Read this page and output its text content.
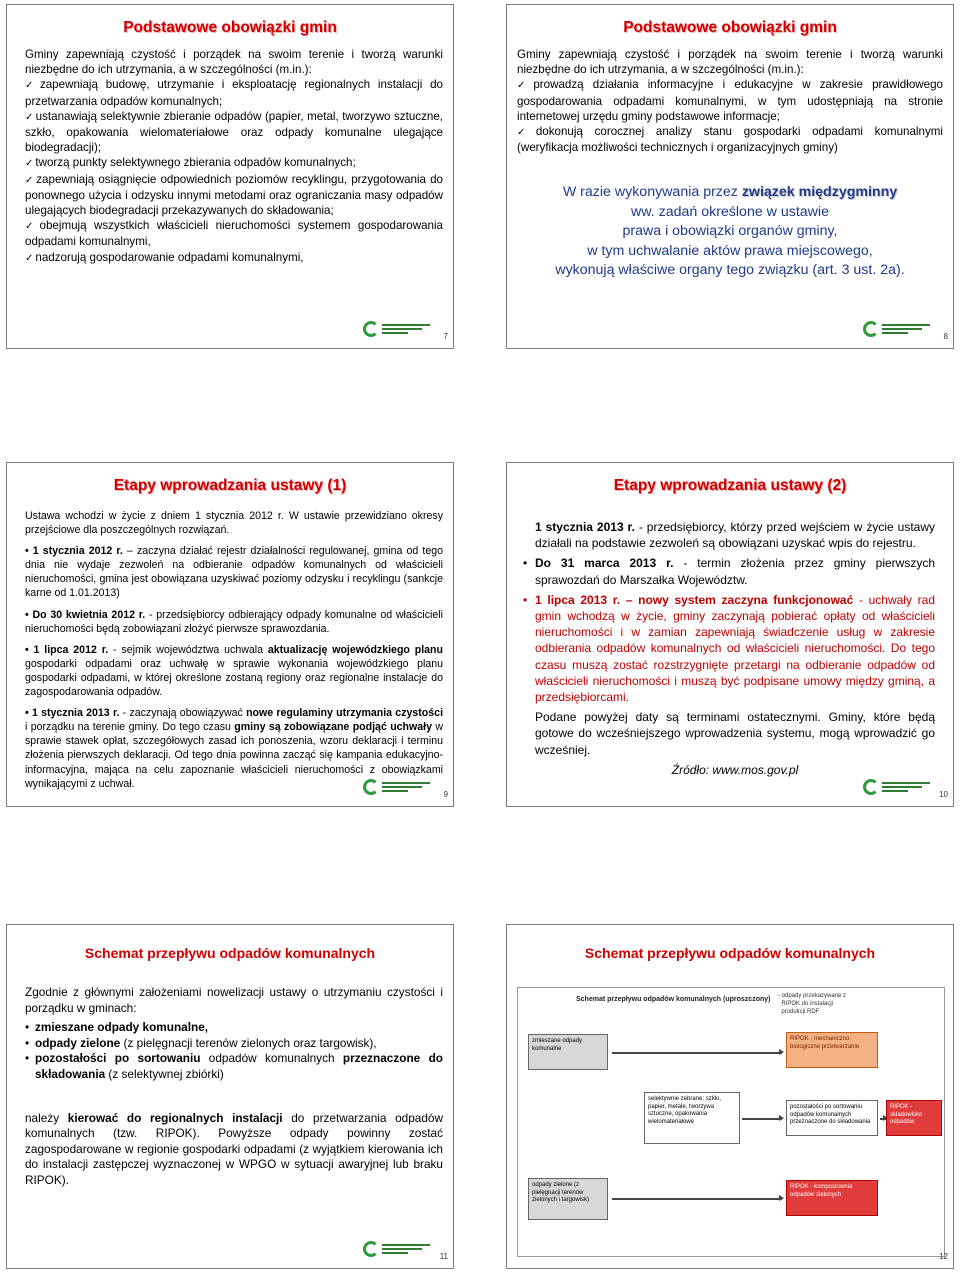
Podstawowe obowiązki gmin
Gminy zapewniają czystość i porządek na swoim terenie i tworzą warunki niezbędne do ich utrzymania, a w szczególności (m.in.):
✓ zapewniają budowę, utrzymanie i eksploatację regionalnych instalacji do przetwarzania odpadów komunalnych;
✓ ustanawiają selektywnie zbieranie odpadów (papier, metal, tworzywo sztuczne, szkło, opakowania wielomateriałowe oraz odpady komunalne ulegające biodegradacji);
✓ tworzą punkty selektywnego zbierania odpadów komunalnych;
✓ zapewniają osiągnięcie odpowiednich poziomów recyklingu, przygotowania do ponownego użycia i odzysku innymi metodami oraz ograniczania masy odpadów ulegających biodegradacji przekazywanych do składowania;
✓ obejmują wszystkich właścicieli nieruchomości systemem gospodarowania odpadami komunalnymi,
✓ nadzorują gospodarowanie odpadami komunalnymi,
7
Podstawowe obowiązki gmin
Gminy zapewniają czystość i porządek na swoim terenie i tworzą warunki niezbędne do ich utrzymania, a w szczególności (m.in.):
✓ prowadzą działania informacyjne i edukacyjne w zakresie prawidłowego gospodarowania odpadami komunalnymi, w tym udostępniają na stronie internetowej urzędu gminy podstawowe informacje;
✓ dokonują corocznej analizy stanu gospodarki odpadami komunalnymi (weryfikacja możliwości technicznych i organizacyjnych gminy)
W razie wykonywania przez związek międzygminny
ww. zadań określone w ustawie
prawa i obowiązki organów gminy,
w tym uchwalanie aktów prawa miejscowego,
wykonują właściwe organy tego związku (art. 3 ust. 2a).
8
Etapy wprowadzania ustawy (1)

Ustawa wchodzi w życie z dniem 1 stycznia 2012 r. W ustawie przewidziano okresy przejściowe dla poszczególnych rozwiązań.

• 1 stycznia 2012 r. – zaczyna działać rejestr działalności regulowanej, gmina od tego dnia nie wydaje zezwoleń na odbieranie odpadów komunalnych od właścicieli nieruchomości, gmina jest obowiązana uzyskiwać poziomy odzysku i recyklingu (sankcje karne od 1.01.2013)

• Do 30 kwietnia 2012 r. - przedsiębiorcy odbierający odpady komunalne od właścicieli nieruchomości będą zobowiązani złożyć pierwsze sprawozdania.

• 1 lipca 2012 r. - sejmik województwa uchwala aktualizację wojewódzkiego planu gospodarki odpadami oraz uchwałę w sprawie wykonania wojewódzkiego planu gospodarki odpadami, w której określone zostaną regiony oraz regionalne instalacje do zagospodarowania odpadów.

• 1 stycznia 2013 r. - zaczynają obowiązywać nowe regulaminy utrzymania czystości i porządku na terenie gminy. Do tego czasu gminy są zobowiązane podjąć uchwały w sprawie stawek opłat, szczegółowych zasad ich ponoszenia, wzoru deklaracji i terminu złożenia pierwszych deklaracji. Od tego dnia powinna zacząć się kampania edukacyjno-informacyjna, mająca na celu zapoznanie właścicieli nieruchomości z obowiązkami wynikającymi z uchwał.

9
Etapy wprowadzania ustawy (2)
1 stycznia 2013 r. - przedsiębiorcy, którzy przed wejściem w życie ustawy działali na podstawie zezwoleń są obowiązani uzyskać wpis do rejestru.
• Do 31 marca 2013 r. - termin złożenia przez gminy pierwszych sprawozdań do Marszałka Województw.
• 1 lipca 2013 r. – nowy system zaczyna funkcjonować - uchwały rad gmin wchodzą w życie, gminy zaczynają pobierać opłaty od właścicieli nieruchomości i w zamian zapewniają świadczenie usług w zakresie odbierania odpadów komunalnych od właścicieli nieruchomości. Do tego czasu muszą zostać rozstrzygnięte przetargi na odbieranie odpadów od właścicieli nieruchomości i muszą być podpisane umowy między gminą, a przedsiębiorcami.
Podane powyżej daty są terminami ostatecznymi. Gminy, które będą gotowe do wcześniejszego wprowadzenia systemu, mogą wprowadzić go wcześniej.
Źródło: www.mos.gov.pl
10
Schemat przepływu odpadów komunalnych
Zgodnie z głównymi założeniami nowelizacji ustawy o utrzymaniu czystości i porządku w gminach:
• zmieszane odpady komunalne,
• odpady zielone (z pielęgnacji terenów zielonych oraz targowisk),
• pozostałości po sortowaniu odpadów komunalnych przeznaczone do składowania (z selektywnej zbiórki)
należy kierować do regionalnych instalacji do przetwarzania odpadów komunalnych (tzw. RIPOK). Powyższe odpady powinny zostać zagospodarowane w regionie gospodarki odpadami (z wyjątkiem kierowania ich do instalacji zastępczej wyznaczonej w WPGO w sytuacji awaryjnej lub braku RIPOK).
11
Schemat przepływu odpadów komunalnych
Schemat przepływu odpadów komunalnych (uproszczony) - odpady przekazywane z
RIPOK do instalacji
produkcji RDF
zmieszane odpady komunalne
RIPOK - mechaniczno-biologiczne przetwarzanie
selektywnie zebrane: szkło, papier, metale, tworzywa sztuczne, opakowania wielomateriałowe
pozostałości po sortowaniu odpadów komunalnych przeznaczone do składowania
RIPOK - składowisko odpadów
odpady zielone (z pielęgnacji terenów zielonych i targowisk)
RIPOK - kompostownia odpadów zielonych
12
